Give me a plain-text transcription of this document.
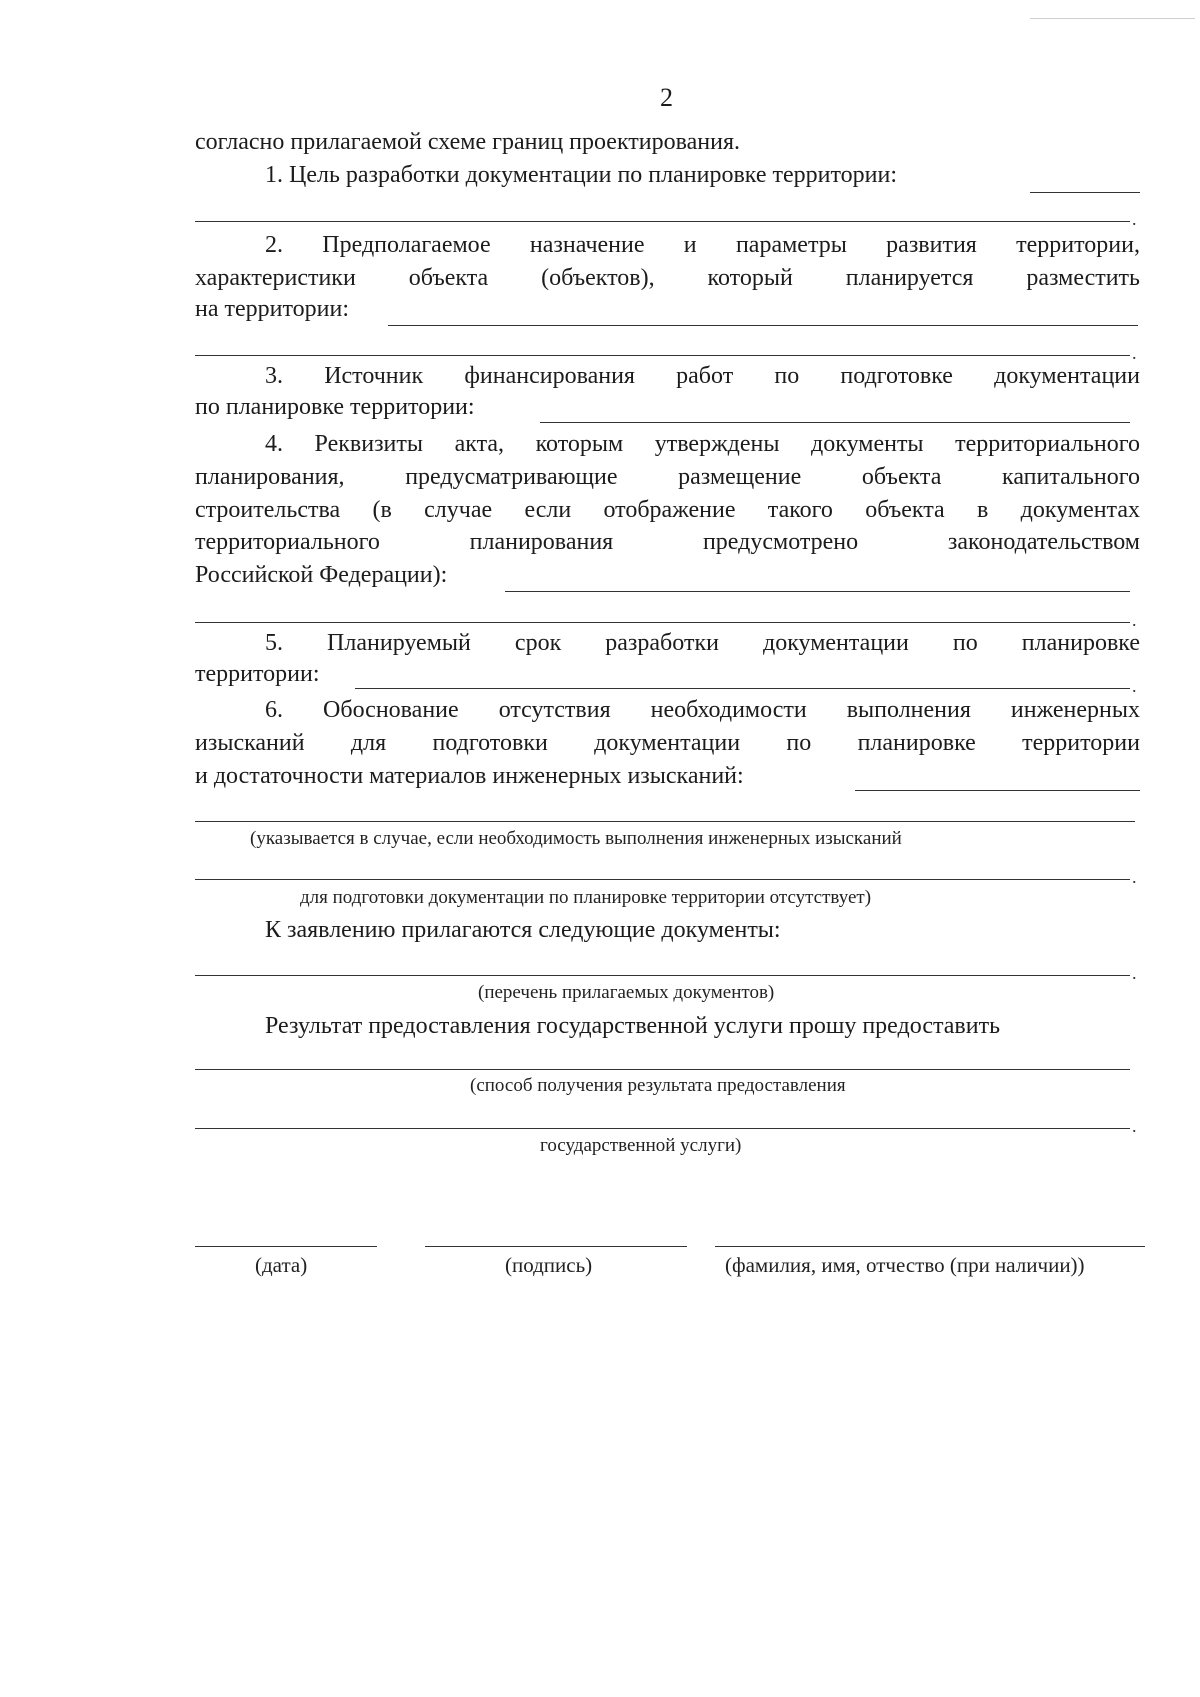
2
согласно прилагаемой схеме границ проектирования.
1. Цель разработки документации по планировке территории:
.
2. Предполагаемое назначение и параметры развития территории,
характеристики объекта (объектов), который планируется разместить
на территории:
.
3. Источник финансирования работ по подготовке документации
по планировке территории:
4. Реквизиты акта, которым утверждены документы территориального
планирования, предусматривающие размещение объекта капитального
строительства (в случае если отображение такого объекта в документах
территориального планирования предусмотрено законодательством
Российской Федерации):
.
5. Планируемый срок разработки документации по планировке
территории:	.
6. Обоснование отсутствия необходимости выполнения инженерных
изысканий для подготовки документации по планировке территории
и достаточности материалов инженерных изысканий:
(указывается в случае, если необходимость выполнения инженерных изысканий
.
для подготовки документации по планировке территории отсутствует)
К заявлению прилагаются следующие документы:
.
(перечень прилагаемых документов)
Результат предоставления государственной услуги прошу предоставить
(способ получения результата предоставления
.
государственной услуги)
(дата)	(подпись)	(фамилия, имя, отчество (при наличии))
